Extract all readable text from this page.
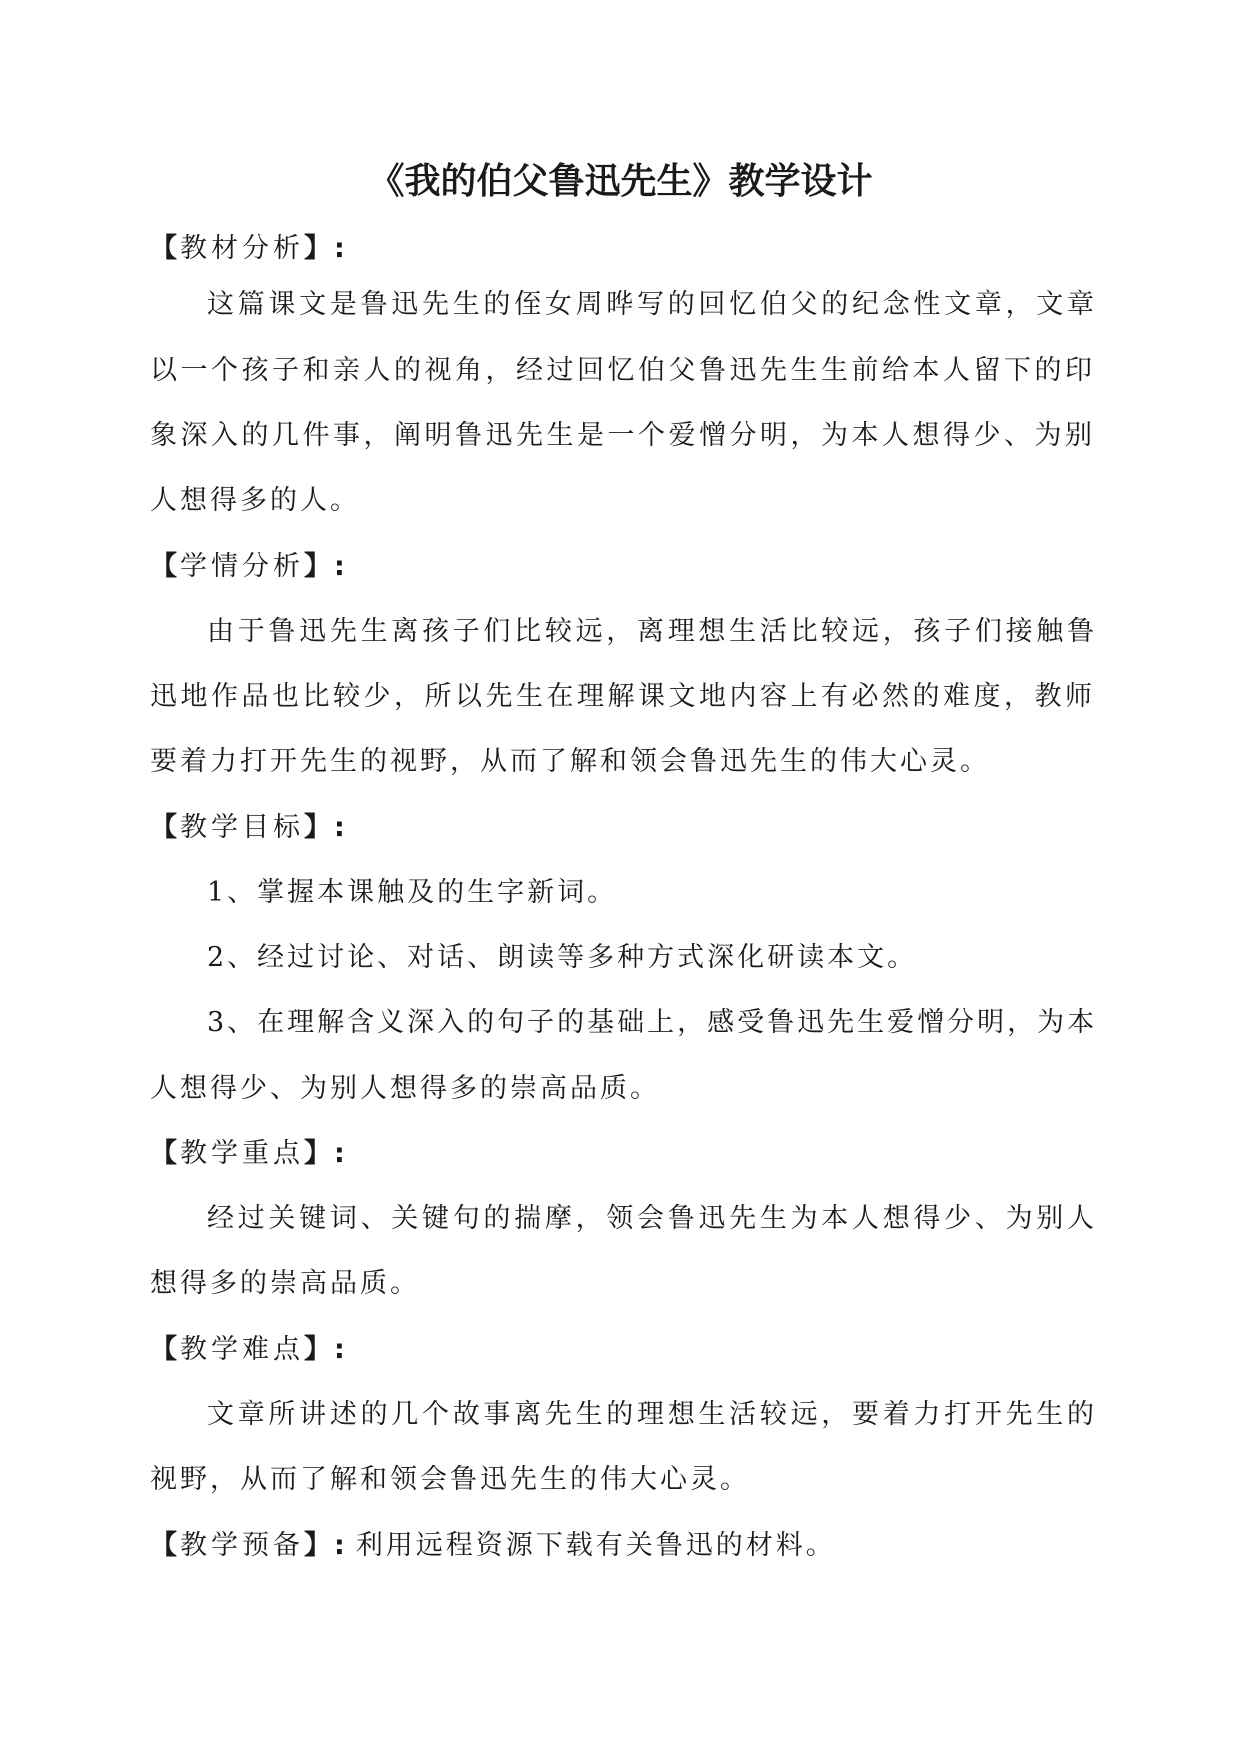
《我的伯父鲁迅先生》教学设计
【教材分析】:
这篇课文是鲁迅先生的侄女周晔写的回忆伯父的纪念性文章，文章
以一个孩子和亲人的视角，经过回忆伯父鲁迅先生生前给本人留下的印
象深入的几件事，阐明鲁迅先生是一个爱憎分明，为本人想得少、为别
人想得多的人。
【学情分析】:
由于鲁迅先生离孩子们比较远，离理想生活比较远，孩子们接触鲁
迅地作品也比较少，所以先生在理解课文地内容上有必然的难度，教师
要着力打开先生的视野，从而了解和领会鲁迅先生的伟大心灵。
【教学目标】:
1、掌握本课触及的生字新词。
2、经过讨论、对话、朗读等多种方式深化研读本文。
3、在理解含义深入的句子的基础上，感受鲁迅先生爱憎分明，为本
人想得少、为别人想得多的崇高品质。
【教学重点】:
经过关键词、关键句的揣摩，领会鲁迅先生为本人想得少、为别人
想得多的崇高品质。
【教学难点】:
文章所讲述的几个故事离先生的理想生活较远，要着力打开先生的
视野，从而了解和领会鲁迅先生的伟大心灵。
【教学预备】: 利用远程资源下载有关鲁迅的材料。
